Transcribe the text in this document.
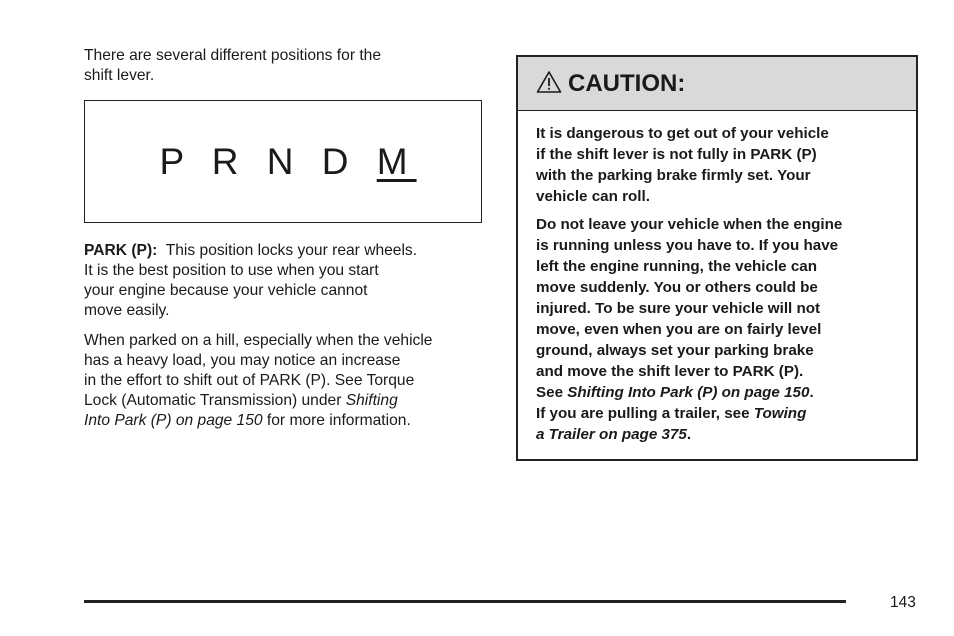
There are several different positions for the
shift lever.

P R N D M

PARK (P):  This position locks your rear wheels.
It is the best position to use when you start
your engine because your vehicle cannot
move easily.

When parked on a hill, especially when the vehicle
has a heavy load, you may notice an increase
in the effort to shift out of PARK (P). See Torque
Lock (Automatic Transmission) under Shifting
Into Park (P) on page 150 for more information.

CAUTION:

It is dangerous to get out of your vehicle
if the shift lever is not fully in PARK (P)
with the parking brake firmly set. Your
vehicle can roll.

Do not leave your vehicle when the engine
is running unless you have to. If you have
left the engine running, the vehicle can
move suddenly. You or others could be
injured. To be sure your vehicle will not
move, even when you are on fairly level
ground, always set your parking brake
and move the shift lever to PARK (P).
See Shifting Into Park (P) on page 150.
If you are pulling a trailer, see Towing
a Trailer on page 375.

143
